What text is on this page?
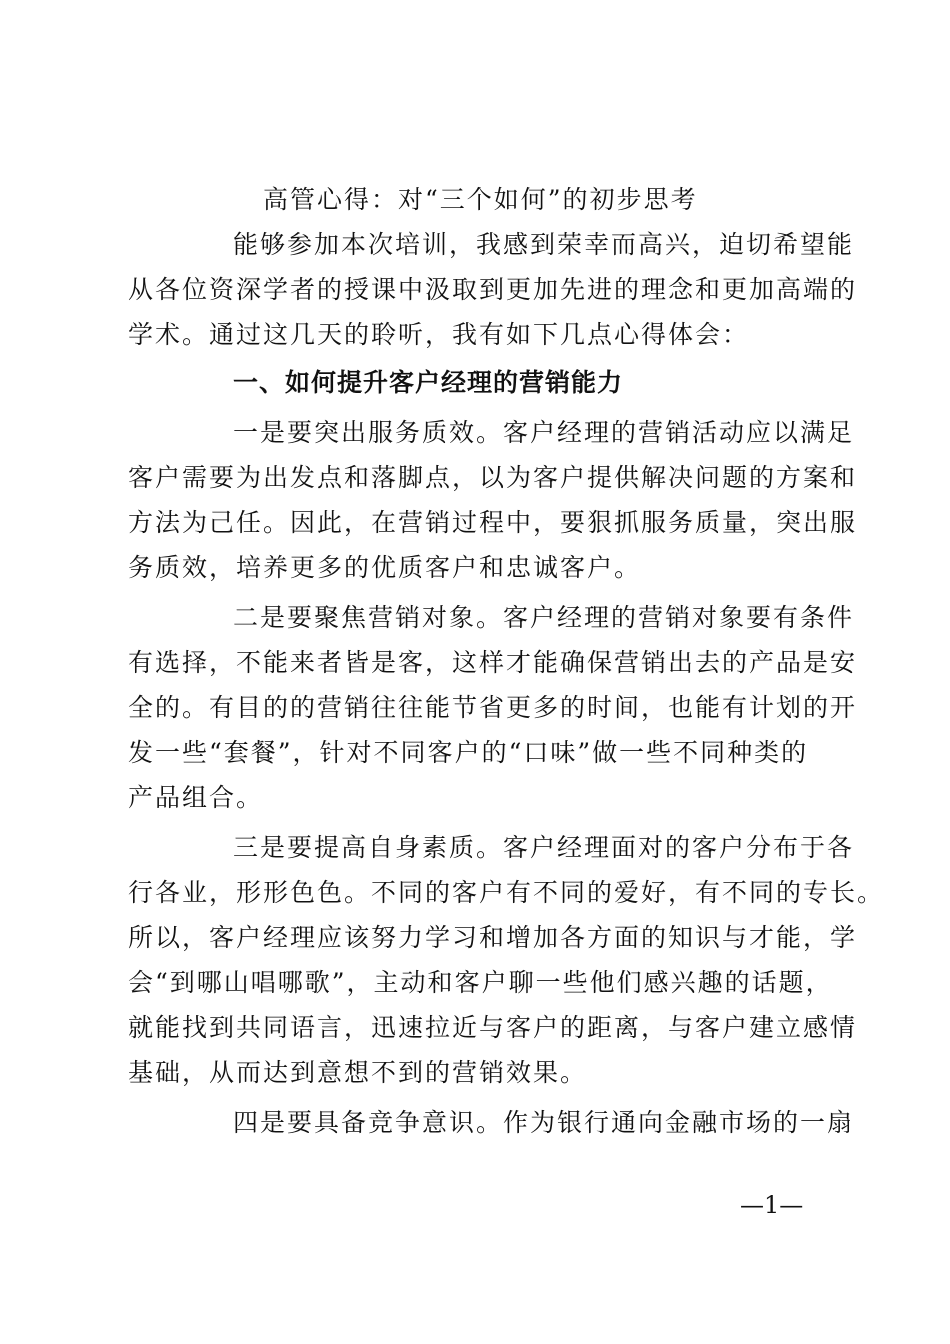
高管心得：对“三个如何”的初步思考
能够参加本次培训，我感到荣幸而高兴，迫切希望能
从各位资深学者的授课中汲取到更加先进的理念和更加高端的
学术。通过这几天的聆听，我有如下几点心得体会：
一、如何提升客户经理的营销能力
一是要突出服务质效。客户经理的营销活动应以满足
客户需要为出发点和落脚点，以为客户提供解决问题的方案和
方法为己任。因此，在营销过程中，要狠抓服务质量，突出服
务质效，培养更多的优质客户和忠诚客户。
二是要聚焦营销对象。客户经理的营销对象要有条件
有选择，不能来者皆是客，这样才能确保营销出去的产品是安
全的。有目的的营销往往能节省更多的时间，也能有计划的开
发一些“套餐”，针对不同客户的“口味”做一些不同种类的
产品组合。
三是要提高自身素质。客户经理面对的客户分布于各
行各业，形形色色。不同的客户有不同的爱好，有不同的专长。
所以，客户经理应该努力学习和增加各方面的知识与才能，学
会“到哪山唱哪歌”，主动和客户聊一些他们感兴趣的话题，
就能找到共同语言，迅速拉近与客户的距离，与客户建立感情
基础，从而达到意想不到的营销效果。
四是要具备竞争意识。作为银行通向金融市场的一扇
—1—
